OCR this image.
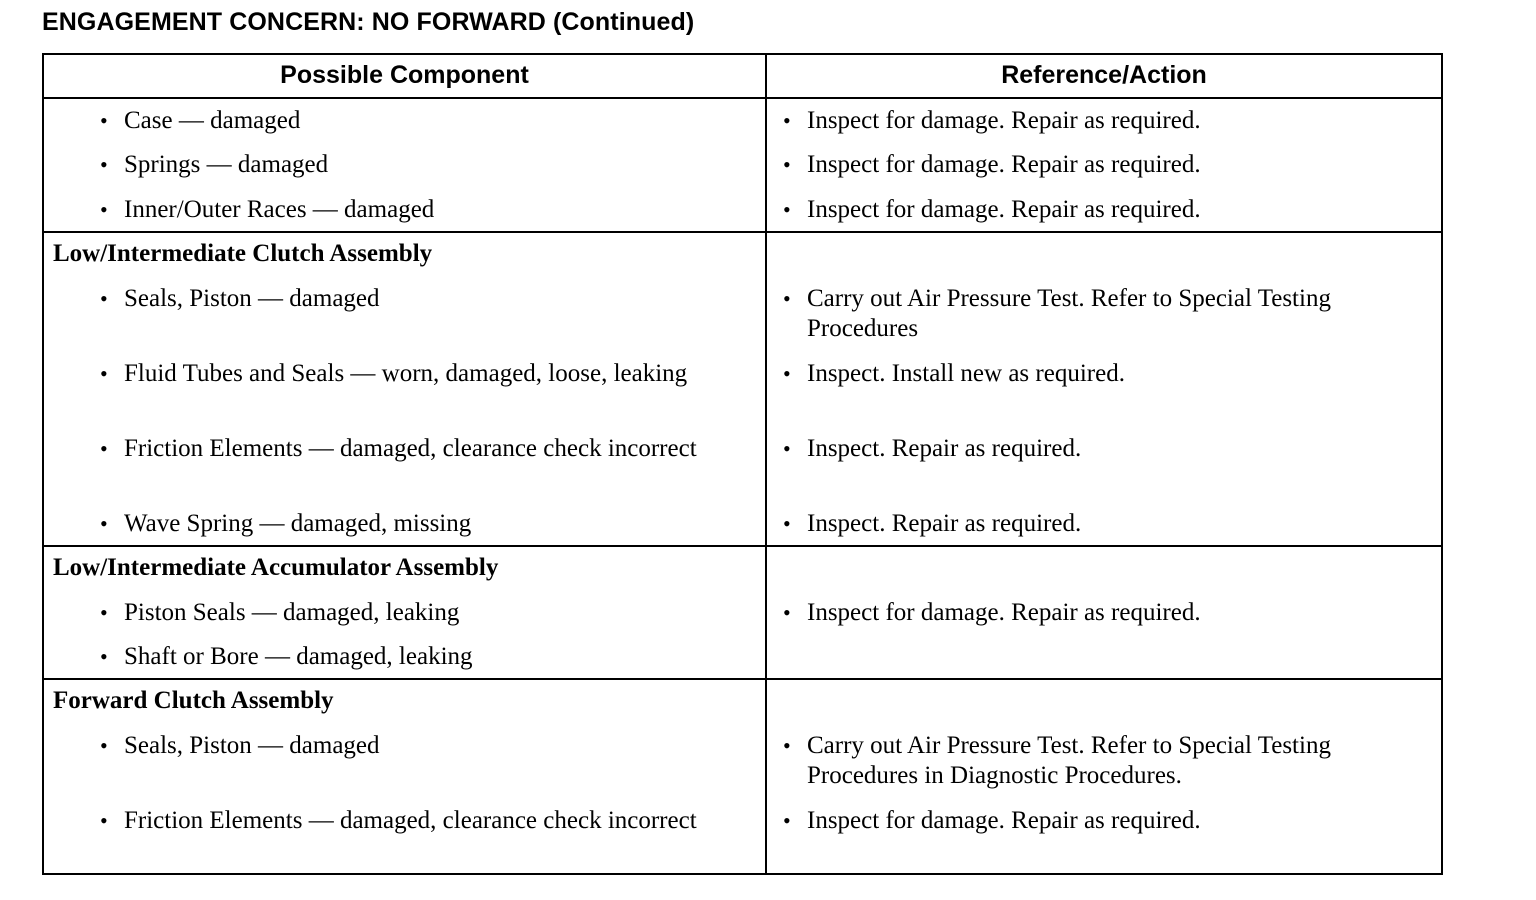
ENGAGEMENT CONCERN: NO FORWARD (Continued)
Possible Component	Reference/Action
• Case — damaged	• Inspect for damage. Repair as required.
• Springs — damaged	• Inspect for damage. Repair as required.
• Inner/Outer Races — damaged	• Inspect for damage. Repair as required.
Low/Intermediate Clutch Assembly
• Seals, Piston — damaged	• Carry out Air Pressure Test. Refer to Special Testing Procedures
• Fluid Tubes and Seals — worn, damaged, loose, leaking	• Inspect. Install new as required.
• Friction Elements — damaged, clearance check incorrect	• Inspect. Repair as required.
• Wave Spring — damaged, missing	• Inspect. Repair as required.
Low/Intermediate Accumulator Assembly
• Piston Seals — damaged, leaking	• Inspect for damage. Repair as required.
• Shaft or Bore — damaged, leaking
Forward Clutch Assembly
• Seals, Piston — damaged	• Carry out Air Pressure Test. Refer to Special Testing Procedures in Diagnostic Procedures.
• Friction Elements — damaged, clearance check incorrect	• Inspect for damage. Repair as required.
